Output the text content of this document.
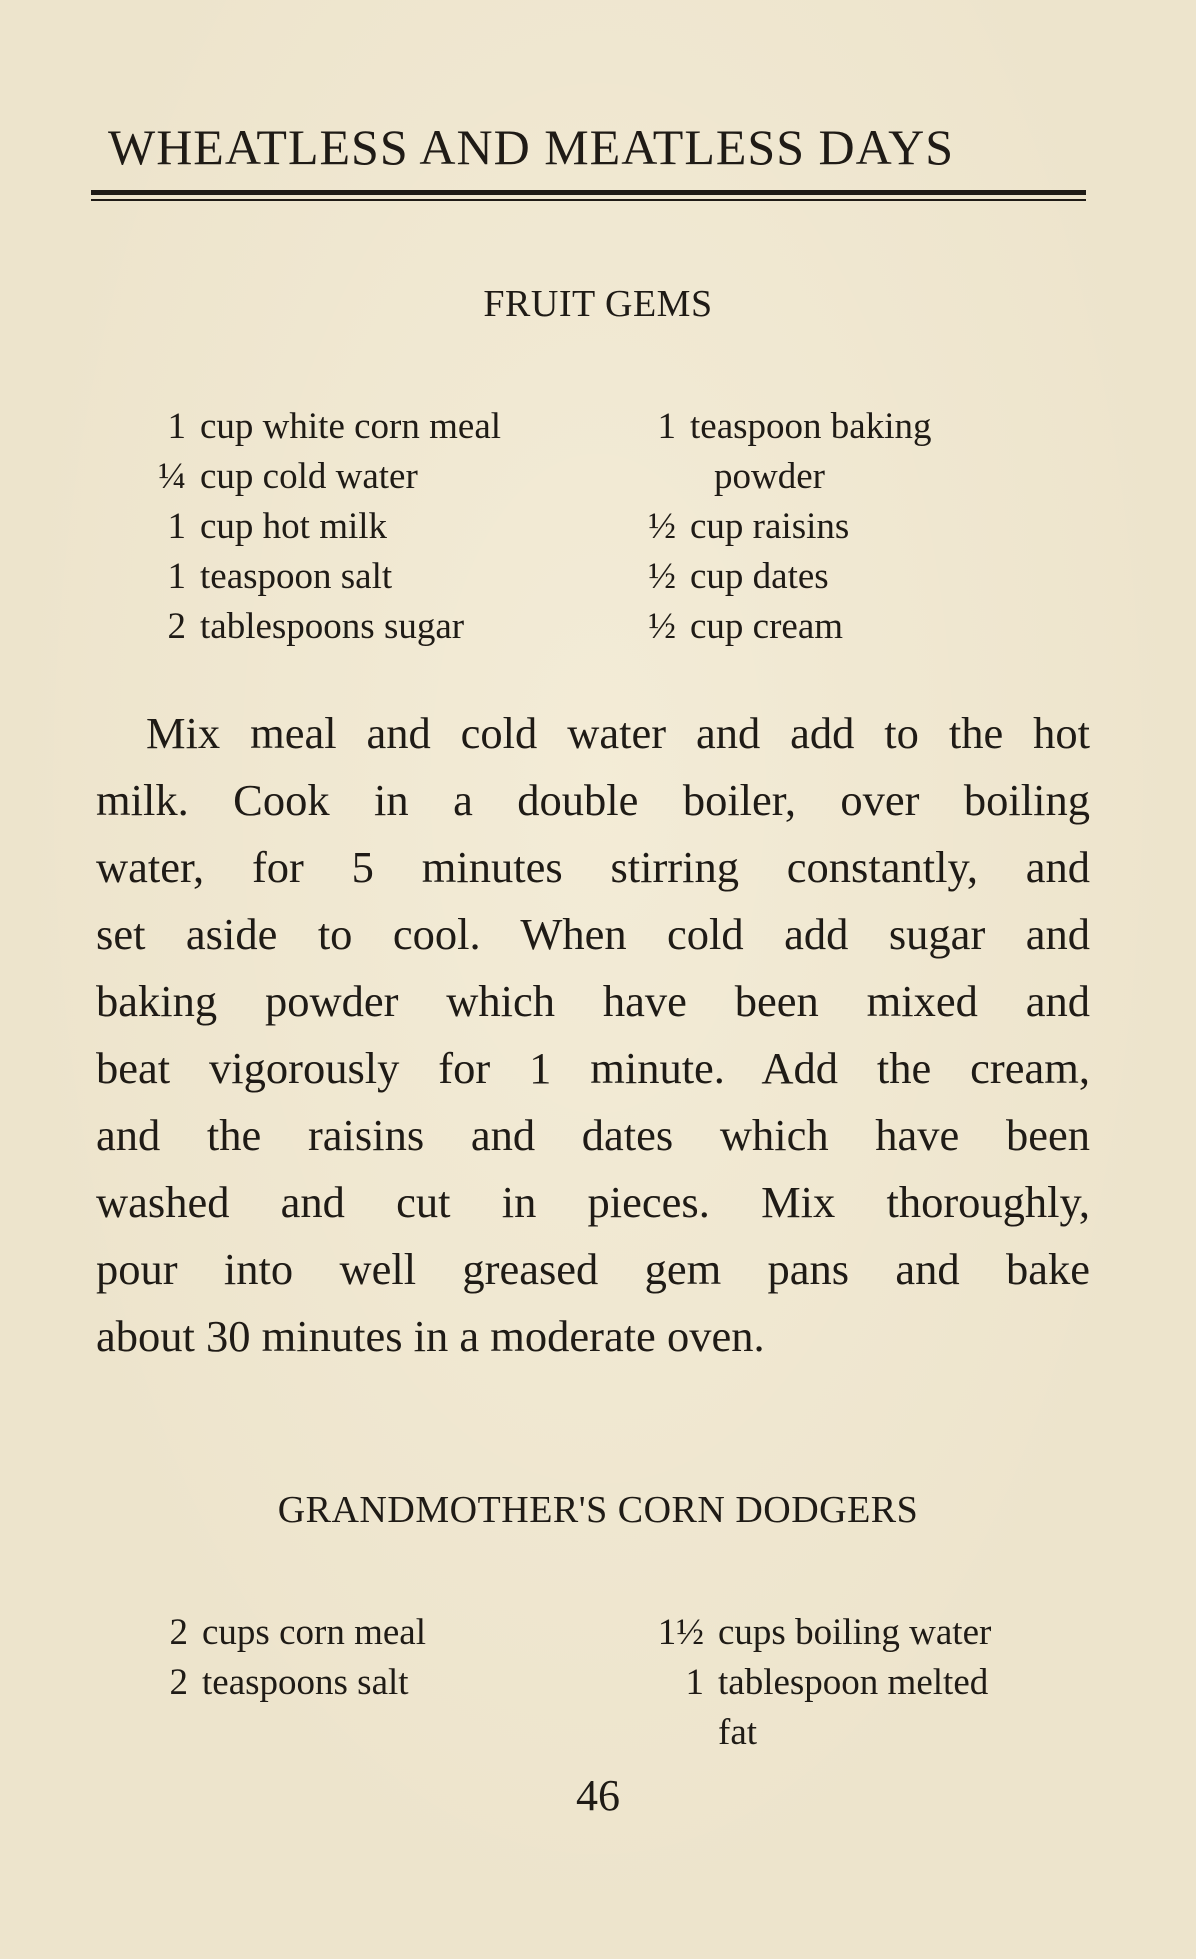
WHEATLESS AND MEATLESS DAYS
FRUIT GEMS
1 cup white corn meal
¼ cup cold water
1 cup hot milk
1 teaspoon salt
2 tablespoons sugar
1 teaspoon baking
powder
½ cup raisins
½ cup dates
½ cup cream
Mix meal and cold water and add to the hot
milk. Cook in a double boiler, over boiling
water, for 5 minutes stirring constantly, and
set aside to cool. When cold add sugar and
baking powder which have been mixed and
beat vigorously for 1 minute. Add the cream,
and the raisins and dates which have been
washed and cut in pieces. Mix thoroughly,
pour into well greased gem pans and bake
about 30 minutes in a moderate oven.
GRANDMOTHER'S CORN DODGERS
2 cups corn meal
2 teaspoons salt
1½ cups boiling water
1 tablespoon melted
fat
46
